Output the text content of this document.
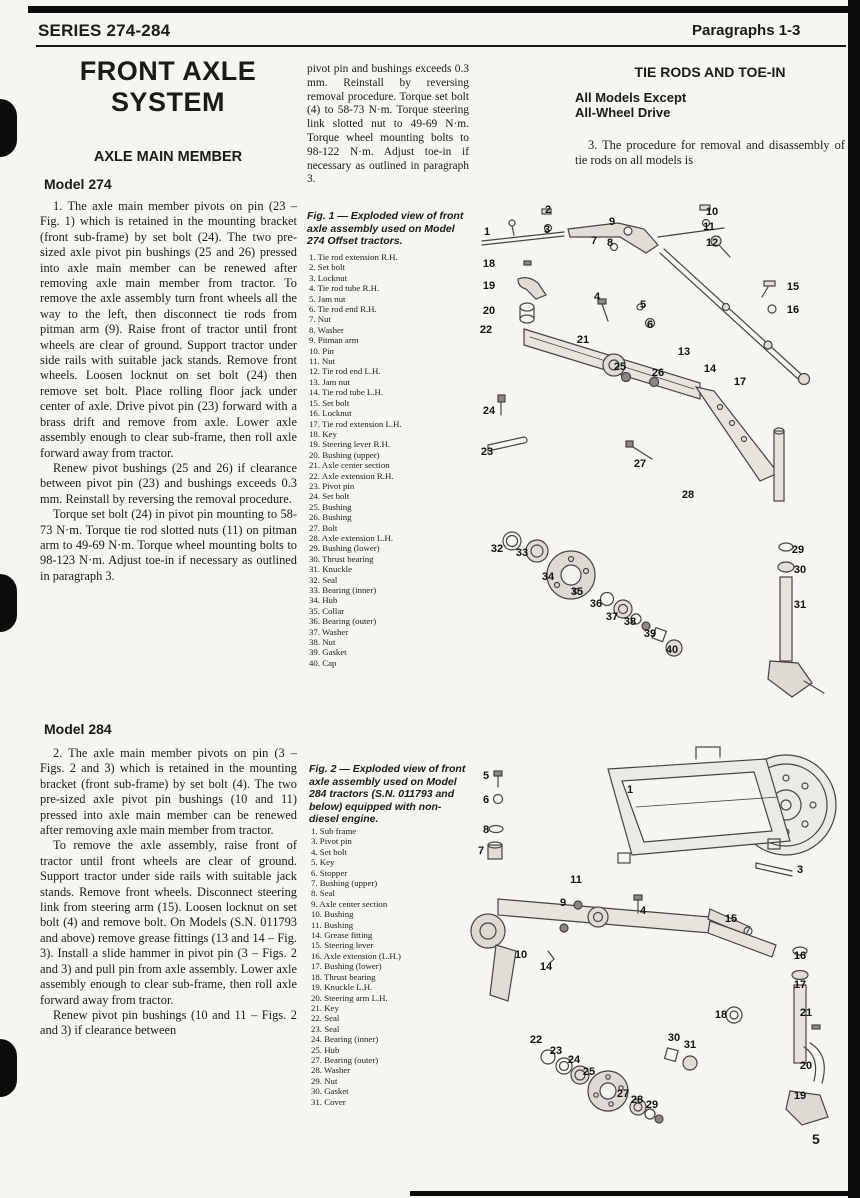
SERIES 274-284	Paragraphs 1-3
FRONT AXLE
SYSTEM
AXLE MAIN MEMBER
Model 274

1. The axle main member pivots on pin (23 – Fig. 1) which is retained in the mounting bracket (front sub-frame) by set bolt (24). The two pre-sized axle pivot pin bushings (25 and 26) pressed into axle main member can be renewed after removing axle main member from tractor. To remove the axle assembly turn front wheels all the way to the left, then disconnect tie rods from pitman arm (9). Raise front of tractor until front wheels are clear of ground. Support tractor under side rails with suitable jack stands. Remove front wheels. Loosen locknut on set bolt (24) then remove set bolt. Place rolling floor jack under center of axle. Drive pivot pin (23) forward with a brass drift and remove from axle. Lower axle assembly enough to clear sub-frame, then roll axle forward away from tractor.

Renew pivot bushings (25 and 26) if clearance between pivot pin (23) and bushings exceeds 0.3 mm. Reinstall by reversing the removal procedure.

Torque set bolt (24) in pivot pin mounting to 58-73 N·m. Torque tie rod slotted nuts (11) on pitman arm to 49-69 N·m. Torque wheel mounting bolts to 98-123 N·m. Adjust toe-in if necessary as outlined in paragraph 3.

Model 284

2. The axle main member pivots on pin (3 – Figs. 2 and 3) which is retained in the mounting bracket (front sub-frame) by set bolt (4). The two pre-sized axle pivot pin bushings (10 and 11) pressed into axle main member can be renewed after removing axle main member from tractor.

To remove the axle assembly, raise front of tractor until front wheels are clear of ground. Support tractor under side rails with suitable jack stands. Remove front wheels. Disconnect steering link from steering arm (15). Loosen locknut on set bolt (4) and remove bolt. On Models (S.N. 011793 and above) remove grease fittings (13 and 14 – Fig. 3). Install a slide hammer in pivot pin (3 – Figs. 2 and 3) and pull pin from axle assembly. Lower axle assembly enough to clear sub-frame, then roll axle forward away from tractor.

Renew pivot pin bushings (10 and 11 – Figs. 2 and 3) if clearance between

pivot pin and bushings exceeds 0.3 mm. Reinstall by reversing removal procedure. Torque set bolt (4) to 58-73 N·m. Torque steering link slotted nut to 49-69 N·m. Torque wheel mounting bolts to 98-122 N·m. Adjust toe-in if necessary as outlined in paragraph 3.
TIE RODS AND TOE-IN
All Models Except
All-Wheel Drive
3. The procedure for removal and disassembly of tie rods on all models is
Fig. 1 — Exploded view of front axle assembly used on Model 274 Offset tractors.
1. Tie rod extension R.H.
2. Set bolt
3. Locknut
4. Tie rod tube R.H.
5. Jam nut
6. Tie rod end R.H.
7. Nut
8. Washer
9. Pitman arm
10. Pin
11. Nut
12. Tie rod end L.H.
13. Jam nut
14. Tie rod tube L.H.
15. Set bolt
16. Locknut
17. Tie rod extension L.H.
18. Key
19. Steering lever R.H.
20. Bushing (upper)
21. Axle center section
22. Axle extension R.H.
23. Pivot pin
24. Set bolt
25. Bushing
26. Bushing
27. Bolt
28. Axle extension L.H.
29. Bushing (lower)
30. Thrust bearing
31. Knuckle
32. Seal
33. Bearing (inner)
34. Hub
35. Collar
36. Bearing (outer)
37. Washer
38. Nut
39. Gasket
40. Cap
1
2
3
9
10
11
7 8	12
18
19	15
4
16
20	5
22	6
21
13
14
25 26
17
24
23
27
28
32 33	29
30
34
35
31
36
37 38
39
40
Fig. 2 — Exploded view of front axle assembly used on Model 284 tractors (S.N. 011793 and below) equipped with non-diesel engine.
1. Sub frame
3. Pivot pin
4. Set bolt
5. Key
6. Stopper
7. Bushing (upper)
8. Seal
9. Axle center section
10. Bushing
11. Bushing
14. Grease fitting
15. Steering lever
16. Axle extension (L.H.)
17. Bushing (lower)
18. Thrust bearing
19. Knuckle L.H.
20. Steering arm L.H.
21. Key
22. Seal
23. Seal
24. Bearing (inner)
25. Hub
27. Bearing (outer)
28. Washer
29. Nut
30. Gasket
31. Cover
5
6
1
8
7
3
11
9
4
15
10
14
16
17
18	21
22
23
24
25
30
31
20
27 28 29
19
5
